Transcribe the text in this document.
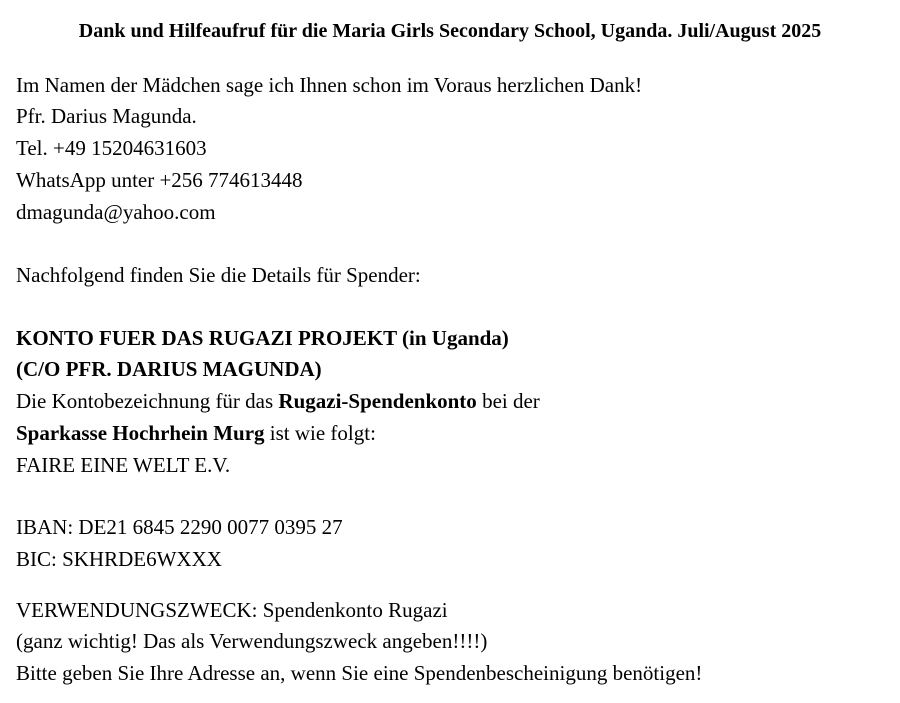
Dank und Hilfeaufruf für die Maria Girls Secondary School, Uganda. Juli/August 2025
Im Namen der Mädchen sage ich Ihnen schon im Voraus herzlichen Dank!
Pfr. Darius Magunda.
Tel. +49 15204631603
WhatsApp unter +256 774613448
dmagunda@yahoo.com
Nachfolgend finden Sie die Details für Spender:
KONTO FUER DAS RUGAZI PROJEKT (in Uganda)
(C/O PFR. DARIUS MAGUNDA)
Die Kontobezeichnung für das Rugazi-Spendenkonto bei der
Sparkasse Hochrhein Murg ist wie folgt:
FAIRE EINE WELT E.V.
IBAN: DE21 6845 2290 0077 0395 27
BIC: SKHRDE6WXXX
VERWENDUNGSZWECK: Spendenkonto Rugazi
(ganz wichtig! Das als Verwendungszweck angeben!!!!)
Bitte geben Sie Ihre Adresse an, wenn Sie eine Spendenbescheinigung benötigen!
